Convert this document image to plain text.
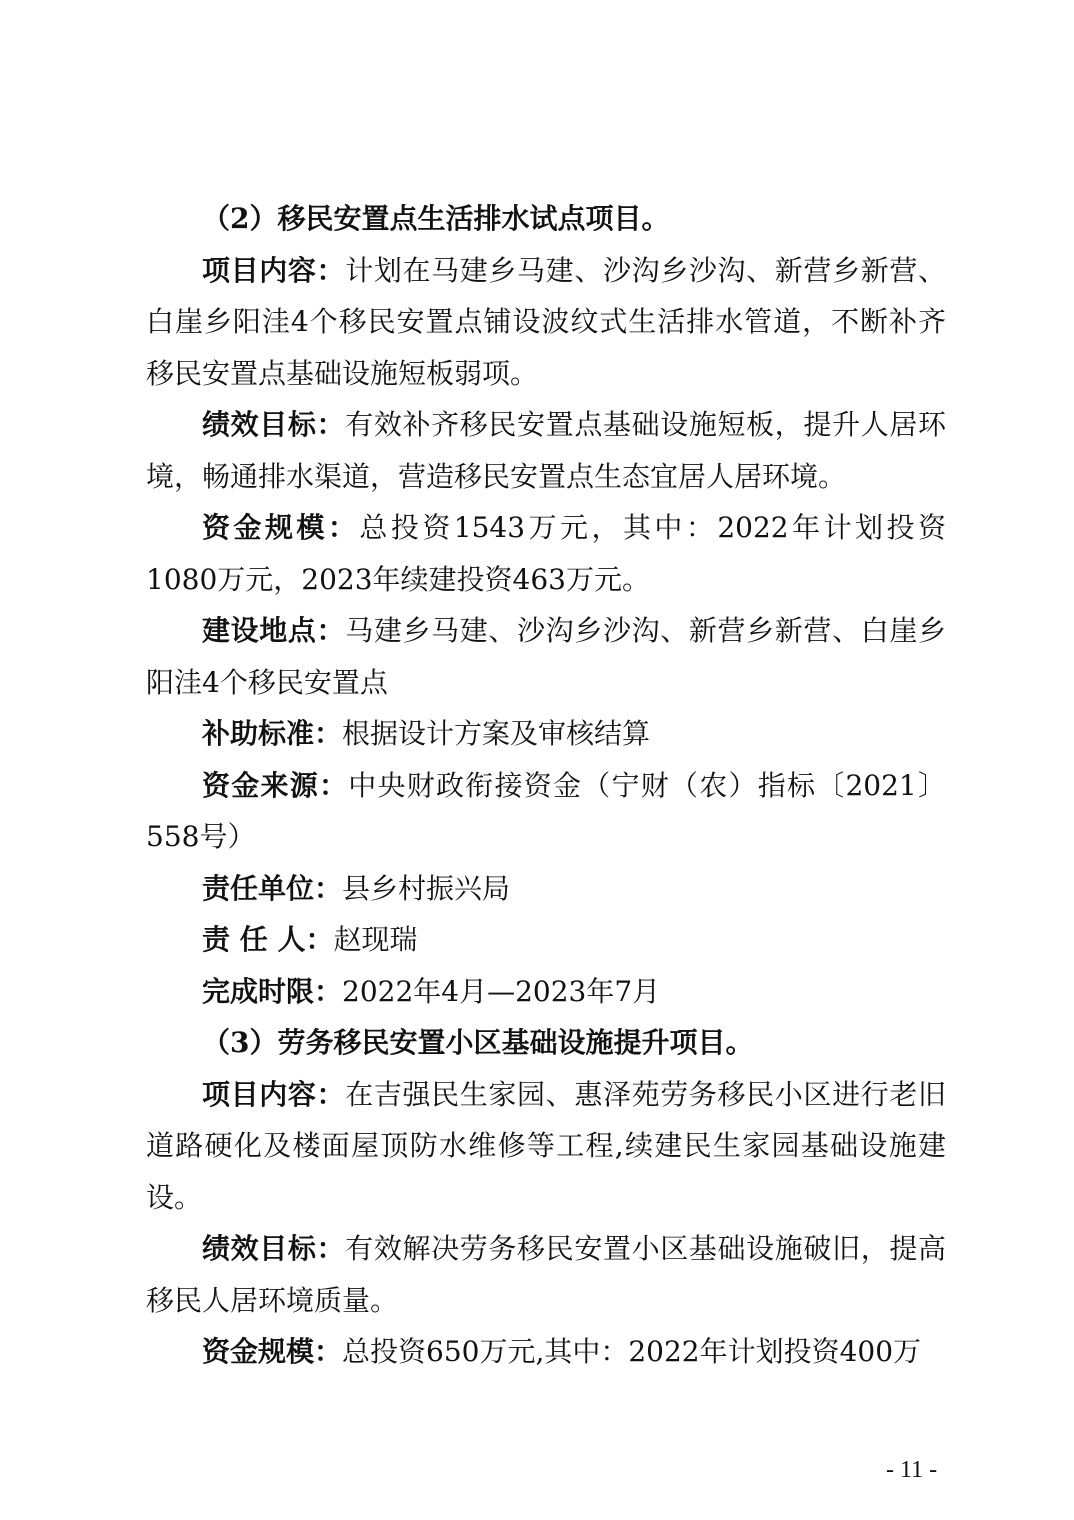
（2）移民安置点生活排水试点项目。

项目内容：计划在马建乡马建、沙沟乡沙沟、新营乡新营、白崖乡阳洼4个移民安置点铺设波纹式生活排水管道，不断补齐移民安置点基础设施短板弱项。

绩效目标：有效补齐移民安置点基础设施短板，提升人居环境，畅通排水渠道，营造移民安置点生态宜居人居环境。

资金规模：总投资1543万元，其中：2022年计划投资1080万元，2023年续建投资463万元。

建设地点：马建乡马建、沙沟乡沙沟、新营乡新营、白崖乡阳洼4个移民安置点

补助标准：根据设计方案及审核结算

资金来源：中央财政衔接资金（宁财（农）指标〔2021〕558号）

责任单位：县乡村振兴局

责 任 人：赵现瑞

完成时限：2022年4月—2023年7月

（3）劳务移民安置小区基础设施提升项目。

项目内容：在吉强民生家园、惠泽苑劳务移民小区进行老旧道路硬化及楼面屋顶防水维修等工程,续建民生家园基础设施建设。

绩效目标：有效解决劳务移民安置小区基础设施破旧，提高移民人居环境质量。

资金规模：总投资650万元,其中：2022年计划投资400万

- 11 -
